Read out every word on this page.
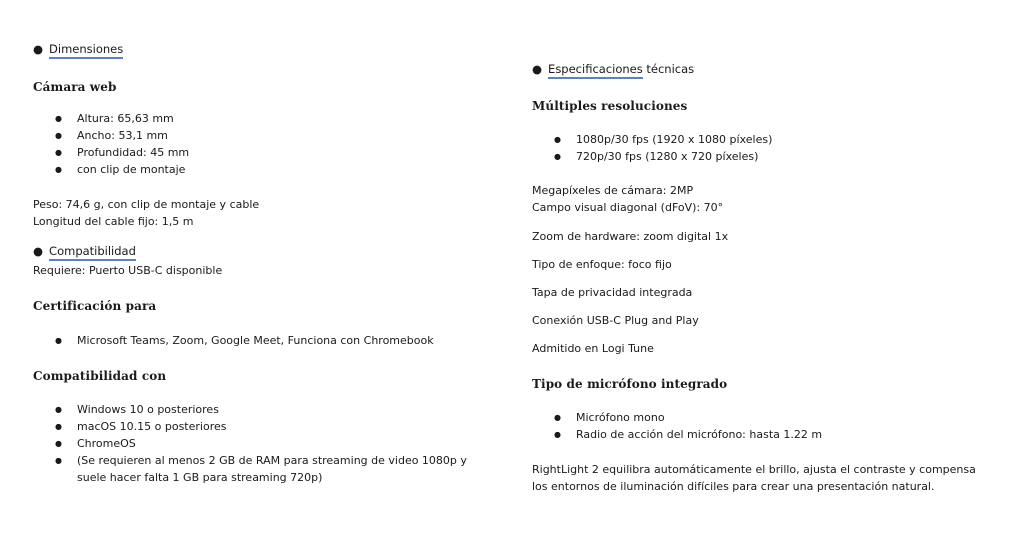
● Dimensiones
Cámara web
● Altura: 65,63 mm
● Ancho: 53,1 mm
● Profundidad: 45 mm
● con clip de montaje
Peso: 74,6 g, con clip de montaje y cable
Longitud del cable fijo: 1,5 m
● Compatibilidad
Requiere: Puerto USB-C disponible
Certificación para
● Microsoft Teams, Zoom, Google Meet, Funciona con Chromebook
Compatibilidad con
● Windows 10 o posteriores
● macOS 10.15 o posteriores
● ChromeOS
● (Se requieren al menos 2 GB de RAM para streaming de video 1080p y suele hacer falta 1 GB para streaming 720p)
● Especificaciones técnicas
Múltiples resoluciones
● 1080p/30 fps (1920 x 1080 píxeles)
● 720p/30 fps (1280 x 720 píxeles)
Megapíxeles de cámara: 2MP
Campo visual diagonal (dFoV): 70°
Zoom de hardware: zoom digital 1x
Tipo de enfoque: foco fijo
Tapa de privacidad integrada
Conexión USB-C Plug and Play
Admitido en Logi Tune
Tipo de micrófono integrado
● Micrófono mono
● Radio de acción del micrófono: hasta 1.22 m
RightLight 2 equilibra automáticamente el brillo, ajusta el contraste y compensa los entornos de iluminación difíciles para crear una presentación natural.
